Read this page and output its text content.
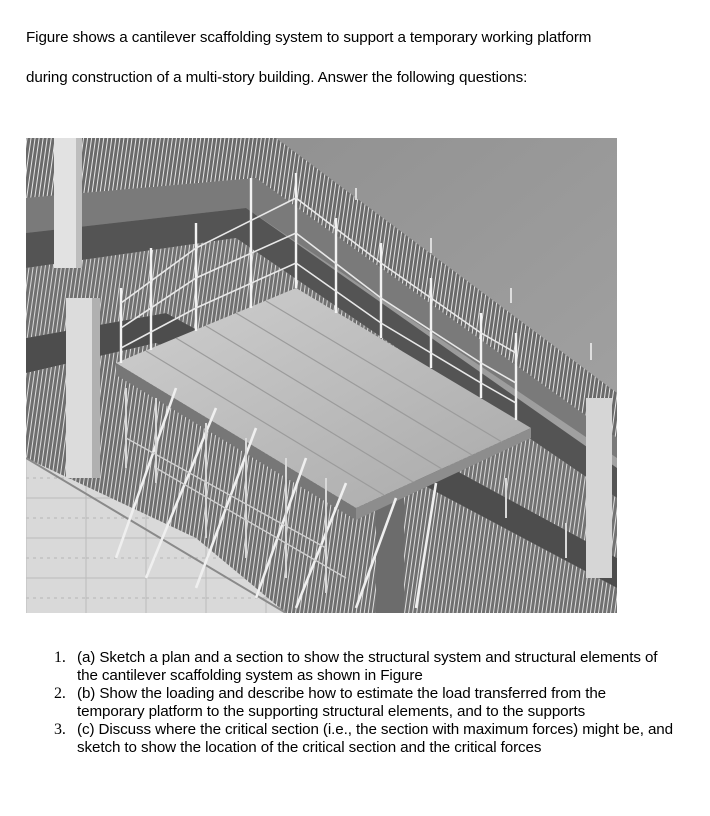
Figure shows a cantilever scaffolding system to support a temporary working platform

during construction of a multi-story building. Answer the following questions:

1. (a) Sketch a plan and a section to show the structural system and structural elements of the cantilever scaffolding system as shown in Figure
2. (b) Show the loading and describe how to estimate the load transferred from the temporary platform to the supporting structural elements, and to the supports
3. (c) Discuss where the critical section (i.e., the section with maximum forces) might be, and sketch to show the location of the critical section and the critical forces
